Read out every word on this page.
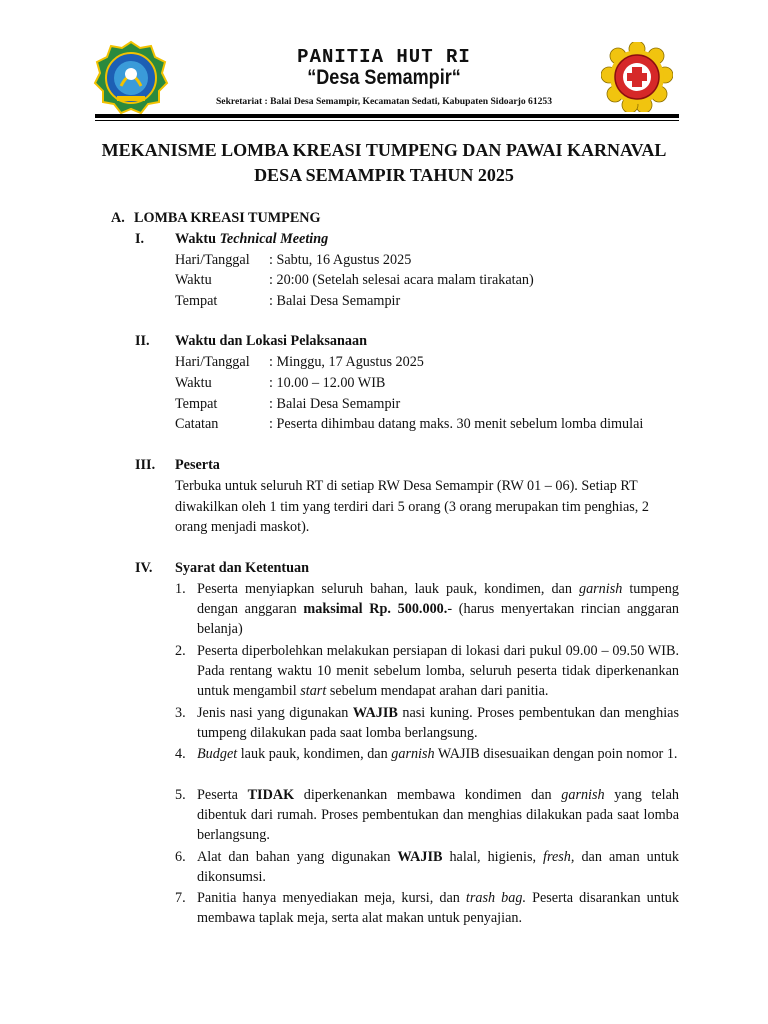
PANITIA HUT RI
“Desa Semampir“
Sekretariat : Balai Desa Semampir, Kecamatan Sedati, Kabupaten Sidoarjo 61253
MEKANISME LOMBA KREASI TUMPENG DAN PAWAI KARNAVAL
DESA SEMAMPIR TAHUN 2025
A. LOMBA KREASI TUMPENG
I. Waktu Technical Meeting
Hari/Tanggal : Sabtu, 16 Agustus 2025
Waktu	: 20:00 (Setelah selesai acara malam tirakatan)
Tempat	: Balai Desa Semampir
II. Waktu dan Lokasi Pelaksanaan
Hari/Tanggal : Minggu, 17 Agustus 2025
Waktu	: 10.00 – 12.00 WIB
Tempat	: Balai Desa Semampir
Catatan	: Peserta dihimbau datang maks. 30 menit sebelum lomba dimulai
III. Peserta
Terbuka untuk seluruh RT di setiap RW Desa Semampir (RW 01 – 06). Setiap RT
diwakilkan oleh 1 tim yang terdiri dari 5 orang (3 orang merupakan tim penghias, 2
orang menjadi maskot).
IV. Syarat dan Ketentuan
1. Peserta menyiapkan seluruh bahan, lauk pauk, kondimen, dan garnish tumpeng dengan anggaran maksimal Rp. 500.000.- (harus menyertakan rincian anggaran belanja)
2. Peserta diperbolehkan melakukan persiapan di lokasi dari pukul 09.00 – 09.50 WIB. Pada rentang waktu 10 menit sebelum lomba, seluruh peserta tidak diperkenankan untuk mengambil start sebelum mendapat arahan dari panitia.
3. Jenis nasi yang digunakan WAJIB nasi kuning. Proses pembentukan dan menghias tumpeng dilakukan pada saat lomba berlangsung.
4. Budget lauk pauk, kondimen, dan garnish WAJIB disesuaikan dengan poin nomor 1.
5. Peserta TIDAK diperkenankan membawa kondimen dan garnish yang telah dibentuk dari rumah. Proses pembentukan dan menghias dilakukan pada saat lomba berlangsung.
6. Alat dan bahan yang digunakan WAJIB halal, higienis, fresh, dan aman untuk dikonsumsi.
7. Panitia hanya menyediakan meja, kursi, dan trash bag. Peserta disarankan untuk membawa taplak meja, serta alat makan untuk penyajian.
